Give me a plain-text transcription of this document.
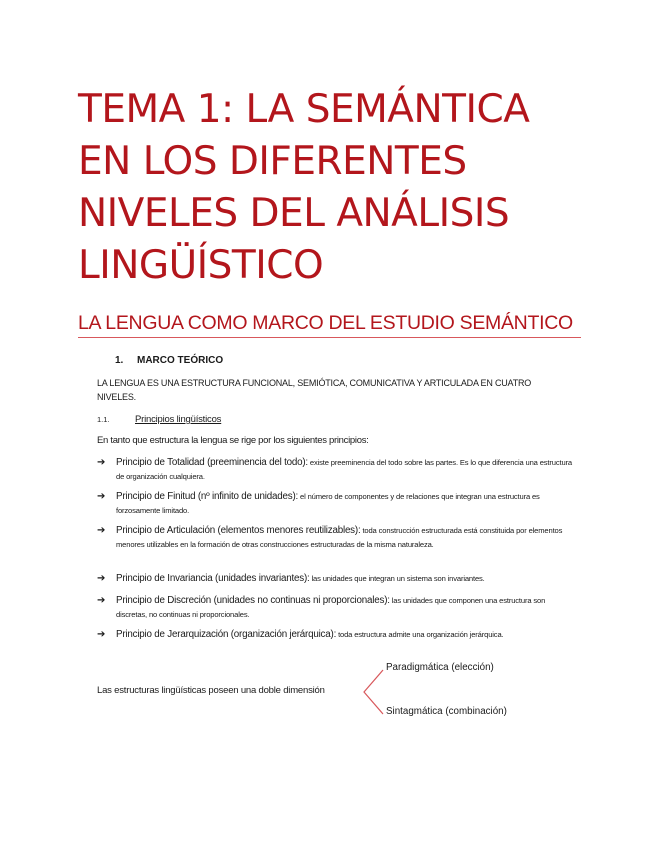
TEMA 1: LA SEMÁNTICA
EN LOS DIFERENTES
NIVELES DEL ANÁLISIS
LINGÜÍSTICO
LA LENGUA COMO MARCO DEL ESTUDIO SEMÁNTICO
1. MARCO TEÓRICO
LA LENGUA ES UNA ESTRUCTURA FUNCIONAL, SEMIÓTICA, COMUNICATIVA Y ARTICULADA EN CUATRO NIVELES.
1.1.	Principios lingüísticos
En tanto que estructura la lengua se rige por los siguientes principios:
➔ Principio de Totalidad (preeminencia del todo): existe preeminencia del todo sobre las partes. Es lo que diferencia una estructura de organización cualquiera.
➔ Principio de Finitud (nº infinito de unidades): el número de componentes y de relaciones que integran una estructura es forzosamente limitado.
➔ Principio de Articulación (elementos menores reutilizables): toda construcción estructurada está constituida por elementos menores utilizables en la formación de otras construcciones estructuradas de la misma naturaleza.
➔ Principio de Invariancia (unidades invariantes): las unidades que integran un sistema son invariantes.
➔ Principio de Discreción (unidades no continuas ni proporcionales): las unidades que componen una estructura son discretas, no continuas ni proporcionales.
➔ Principio de Jerarquización (organización jerárquica): toda estructura admite una organización jerárquica.
Las estructuras lingüísticas poseen una doble dimensión
Paradigmática (elección)
Sintagmática (combinación)
